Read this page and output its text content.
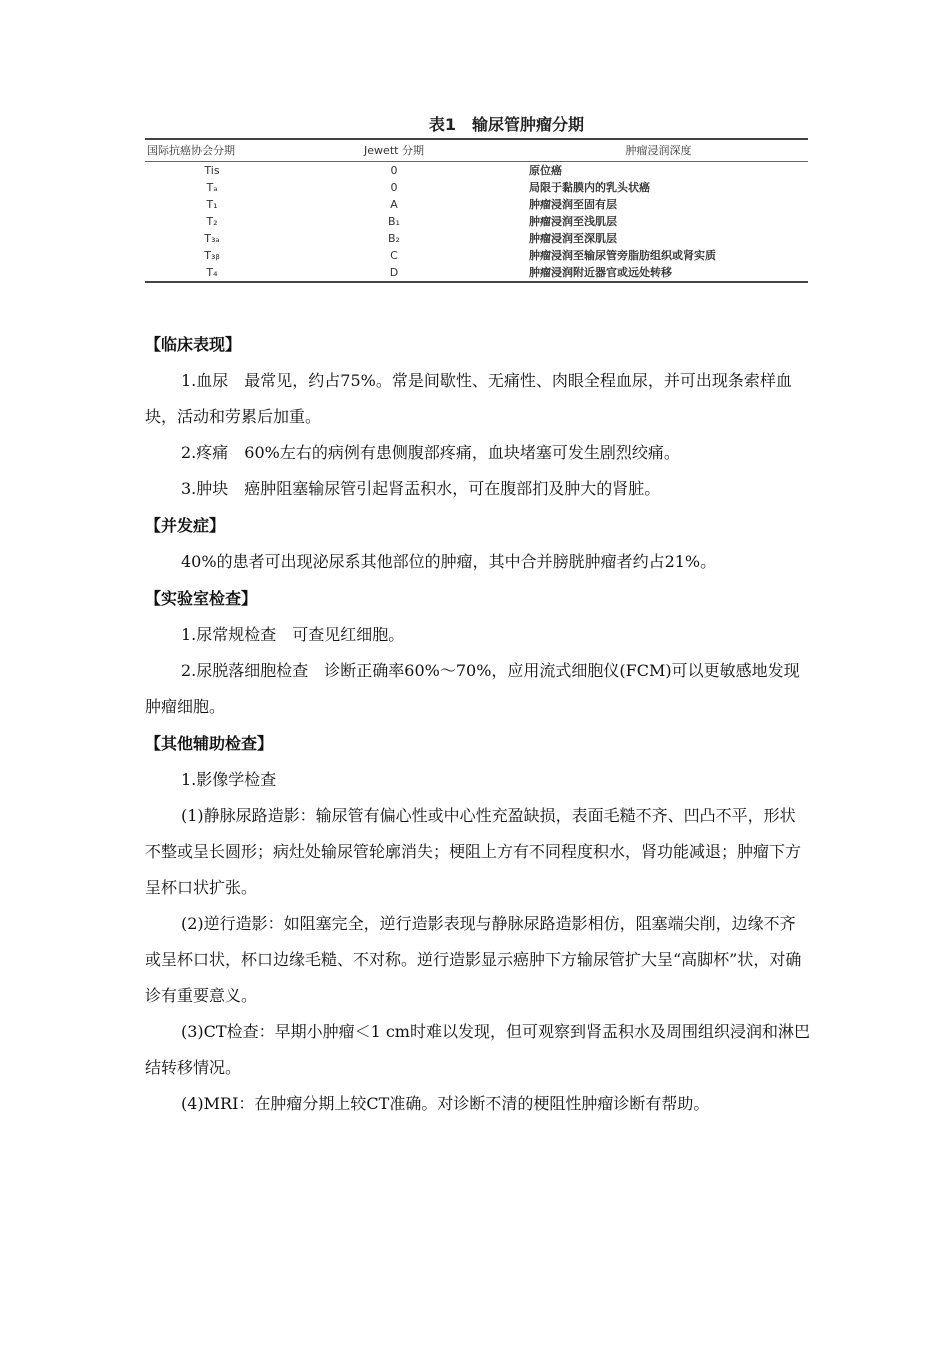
表1　输尿管肿瘤分期
国际抗癌协会分期	Jewett 分期	肿瘤浸润深度
Tis	0	原位癌
Tₐ	0	局限于黏膜内的乳头状癌
T₁	A	肿瘤浸润至固有层
T₂	B₁	肿瘤浸润至浅肌层
T₃ₐ	B₂	肿瘤浸润至深肌层
T₃ᵦ	C	肿瘤浸润至输尿管旁脂肪组织或肾实质
T₄	D	肿瘤浸润附近器官或远处转移
【临床表现】

1.血尿　最常见，约占75%。常是间歇性、无痛性、肉眼全程血尿，并可出现条索样血块，活动和劳累后加重。

2.疼痛　60%左右的病例有患侧腹部疼痛，血块堵塞可发生剧烈绞痛。

3.肿块　癌肿阻塞输尿管引起肾盂积水，可在腹部扪及肿大的肾脏。

【并发症】

40%的患者可出现泌尿系其他部位的肿瘤，其中合并膀胱肿瘤者约占21%。

【实验室检查】

1.尿常规检查　可查见红细胞。

2.尿脱落细胞检查　诊断正确率60%～70%，应用流式细胞仪(FCM)可以更敏感地发现肿瘤细胞。

【其他辅助检查】

1.影像学检查

(1)静脉尿路造影：输尿管有偏心性或中心性充盈缺损，表面毛糙不齐、凹凸不平，形状不整或呈长圆形；病灶处输尿管轮廓消失；梗阻上方有不同程度积水，肾功能减退；肿瘤下方呈杯口状扩张。

(2)逆行造影：如阻塞完全，逆行造影表现与静脉尿路造影相仿，阻塞端尖削，边缘不齐或呈杯口状，杯口边缘毛糙、不对称。逆行造影显示癌肿下方输尿管扩大呈“高脚杯”状，对确诊有重要意义。

(3)CT检查：早期小肿瘤＜1 cm时难以发现，但可观察到肾盂积水及周围组织浸润和淋巴结转移情况。

(4)MRI：在肿瘤分期上较CT准确。对诊断不清的梗阻性肿瘤诊断有帮助。
